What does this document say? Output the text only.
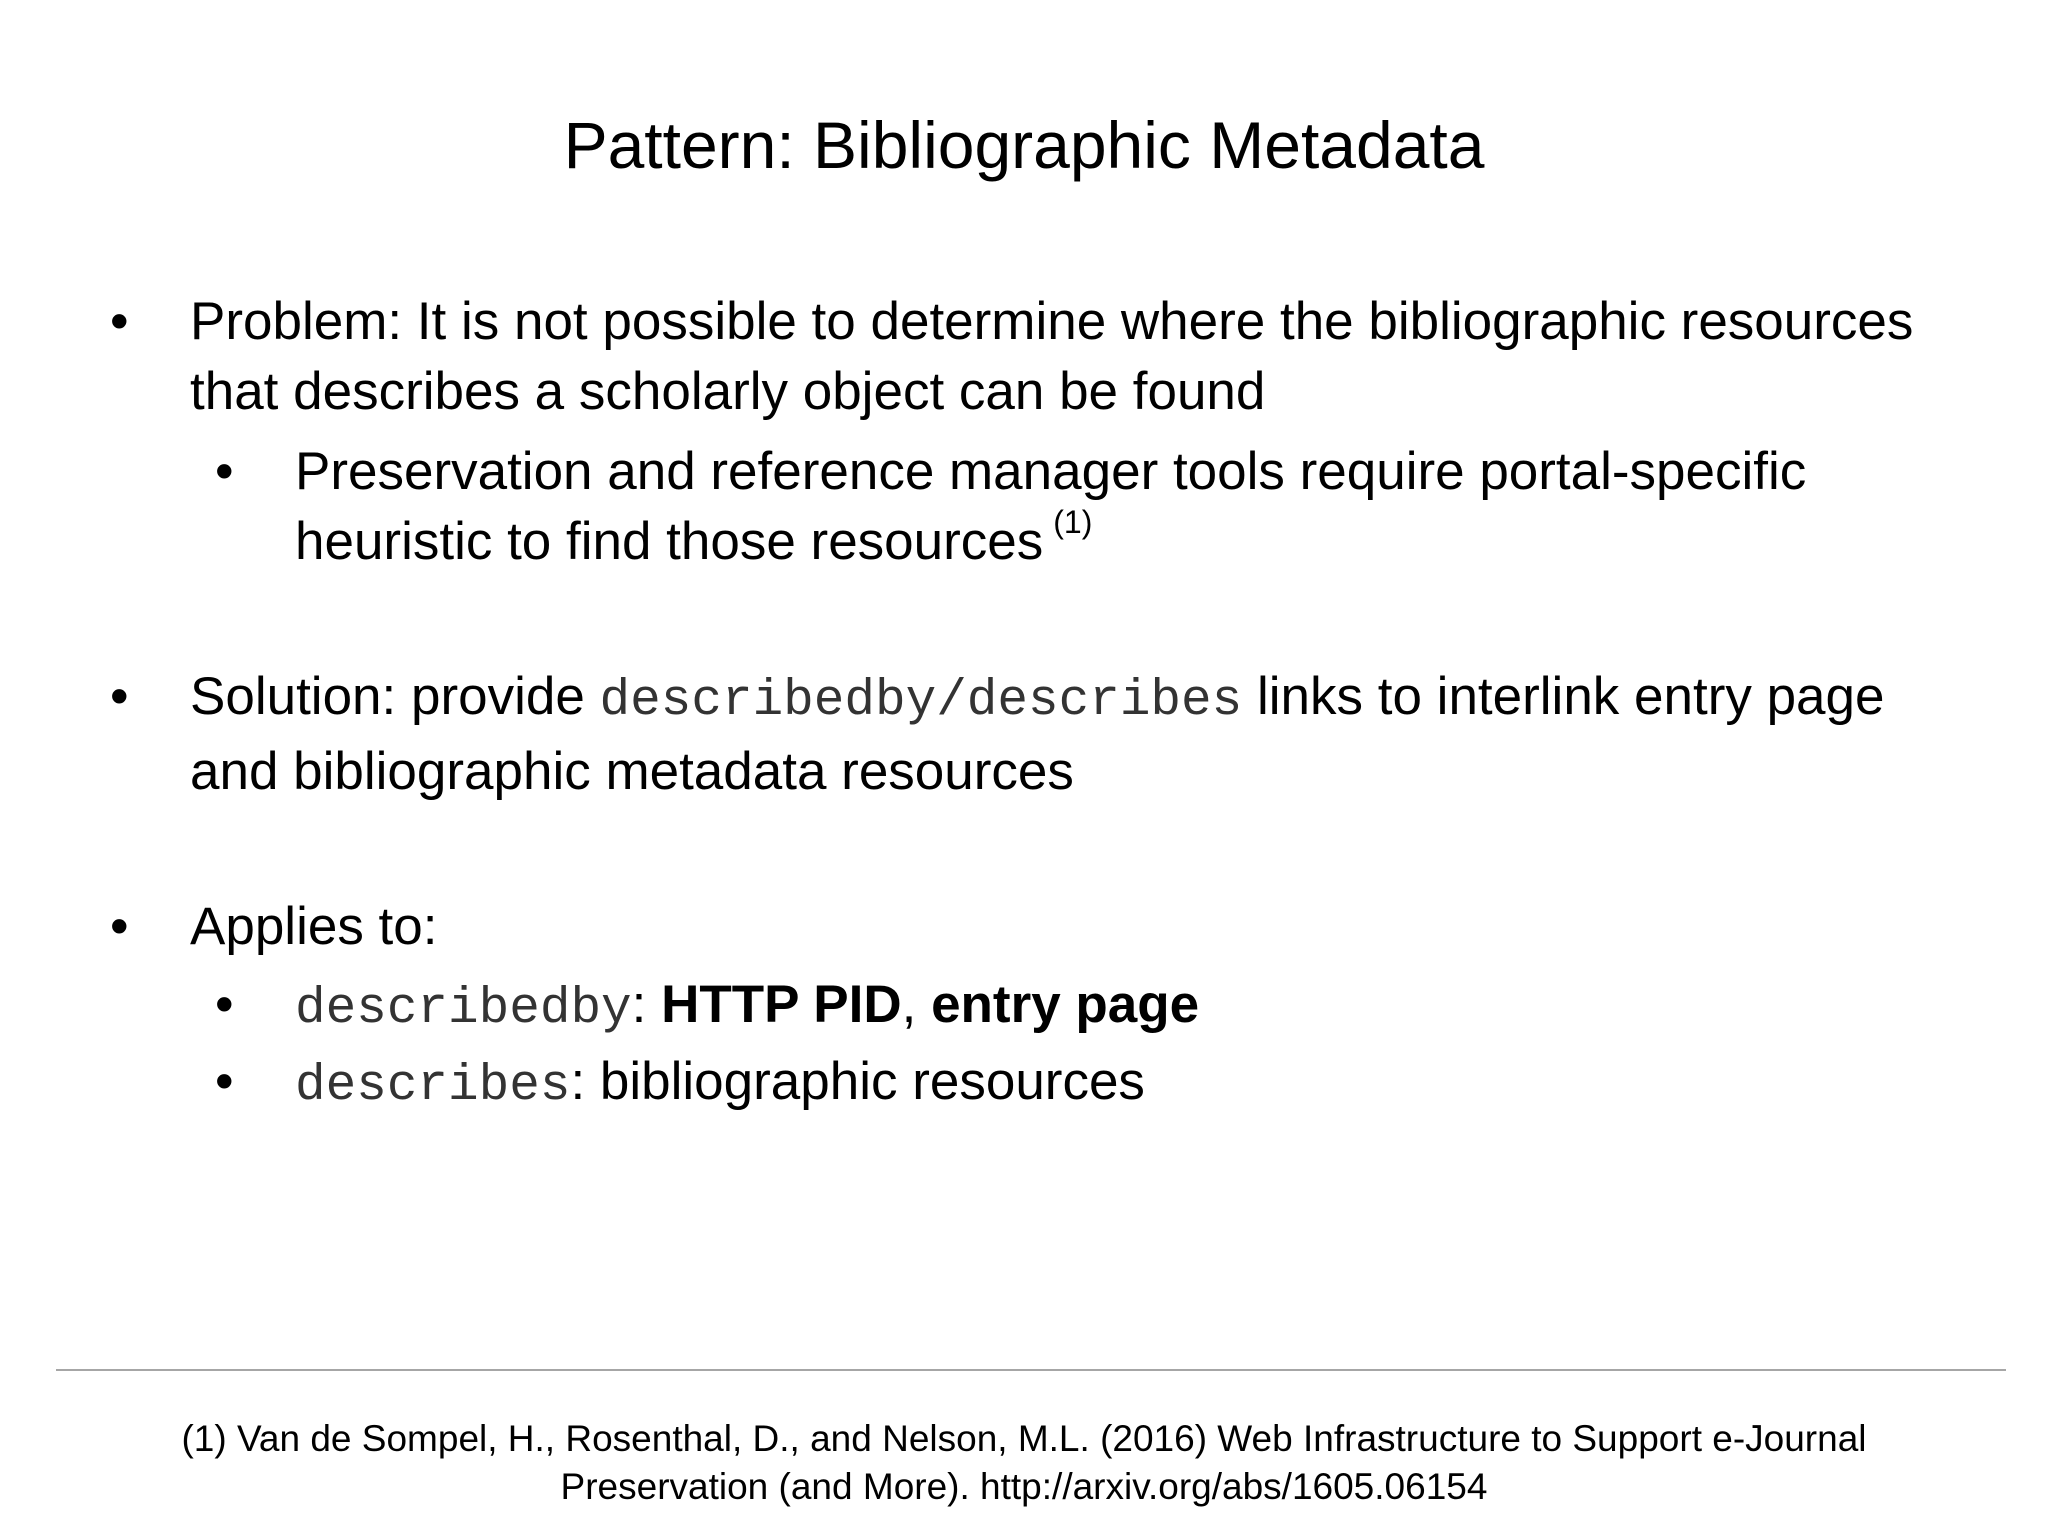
Pattern: Bibliographic Metadata
• Problem: It is not possible to determine where the bibliographic resources that describes a scholarly object can be found
• Preservation and reference manager tools require portal-specific heuristic to find those resources $^{(1)}$
• Solution: provide describedby/describes links to interlink entry page and bibliographic metadata resources
• Applies to:
• describedby: HTTP PID, entry page
• describes: bibliographic resources
(1) Van de Sompel, H., Rosenthal, D., and Nelson, M.L. (2016) Web Infrastructure to Support e-Journal
Preservation (and More). http://arxiv.org/abs/1605.06154
